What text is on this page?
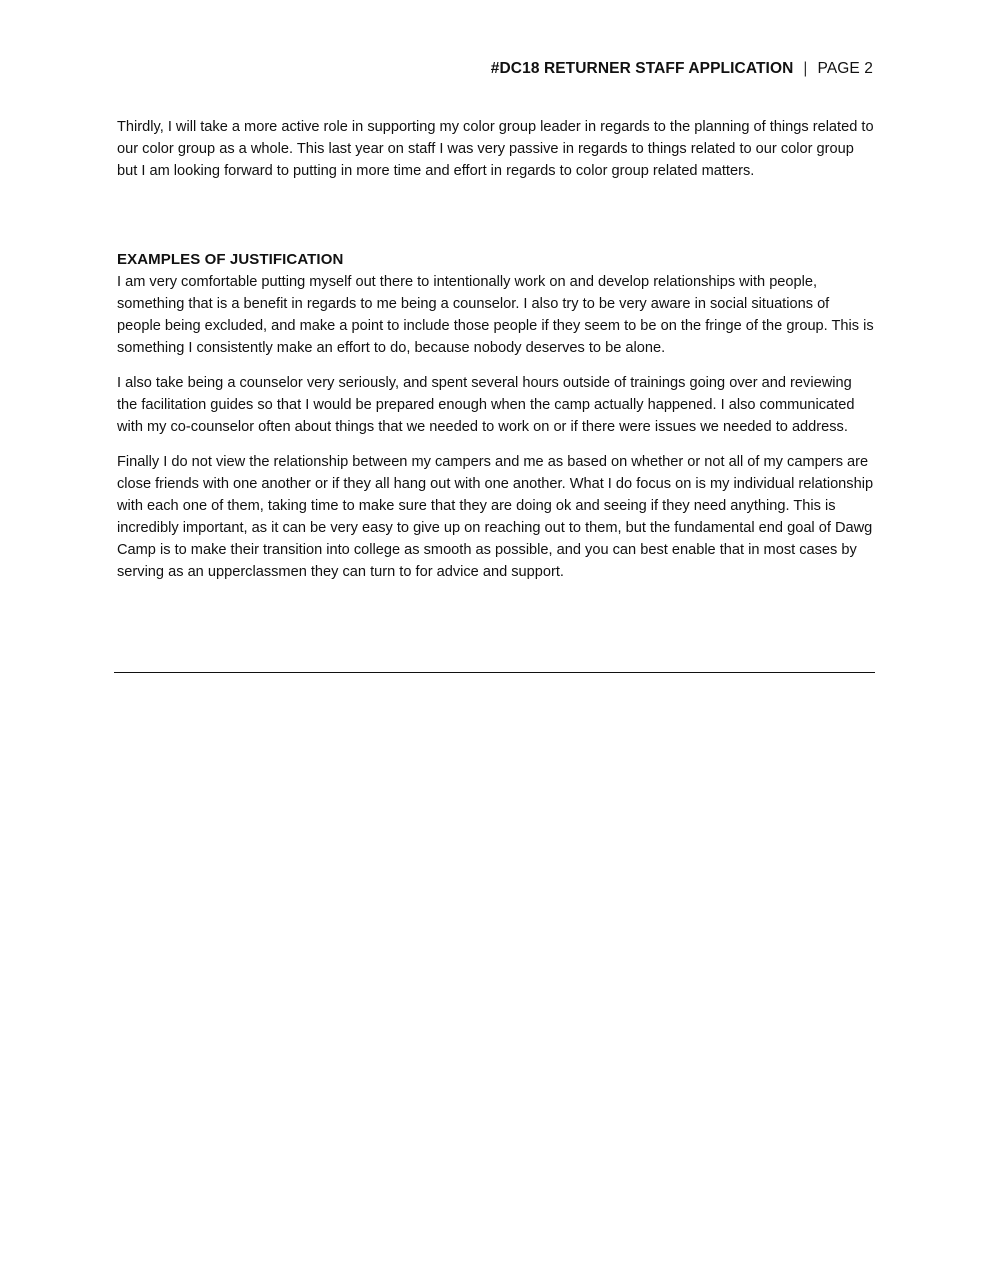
#DC18 RETURNER STAFF APPLICATION | PAGE 2

Thirdly, I will take a more active role in supporting my color group leader in regards to the planning of things related to our color group as a whole. This last year on staff I was very passive in regards to things related to our color group but I am looking forward to putting in more time and effort in regards to color group related matters.

EXAMPLES OF JUSTIFICATION

I am very comfortable putting myself out there to intentionally work on and develop relationships with people, something that is a benefit in regards to me being a counselor. I also try to be very aware in social situations of people being excluded, and make a point to include those people if they seem to be on the fringe of the group. This is something I consistently make an effort to do, because nobody deserves to be alone.

I also take being a counselor very seriously, and spent several hours outside of trainings going over and reviewing the facilitation guides so that I would be prepared enough when the camp actually happened. I also communicated with my co-counselor often about things that we needed to work on or if there were issues we needed to address.

Finally I do not view the relationship between my campers and me as based on whether or not all of my campers are close friends with one another or if they all hang out with one another. What I do focus on is my individual relationship with each one of them, taking time to make sure that they are doing ok and seeing if they need anything. This is incredibly important, as it can be very easy to give up on reaching out to them, but the fundamental end goal of Dawg Camp is to make their transition into college as smooth as possible, and you can best enable that in most cases by serving as an upperclassmen they can turn to for advice and support.
